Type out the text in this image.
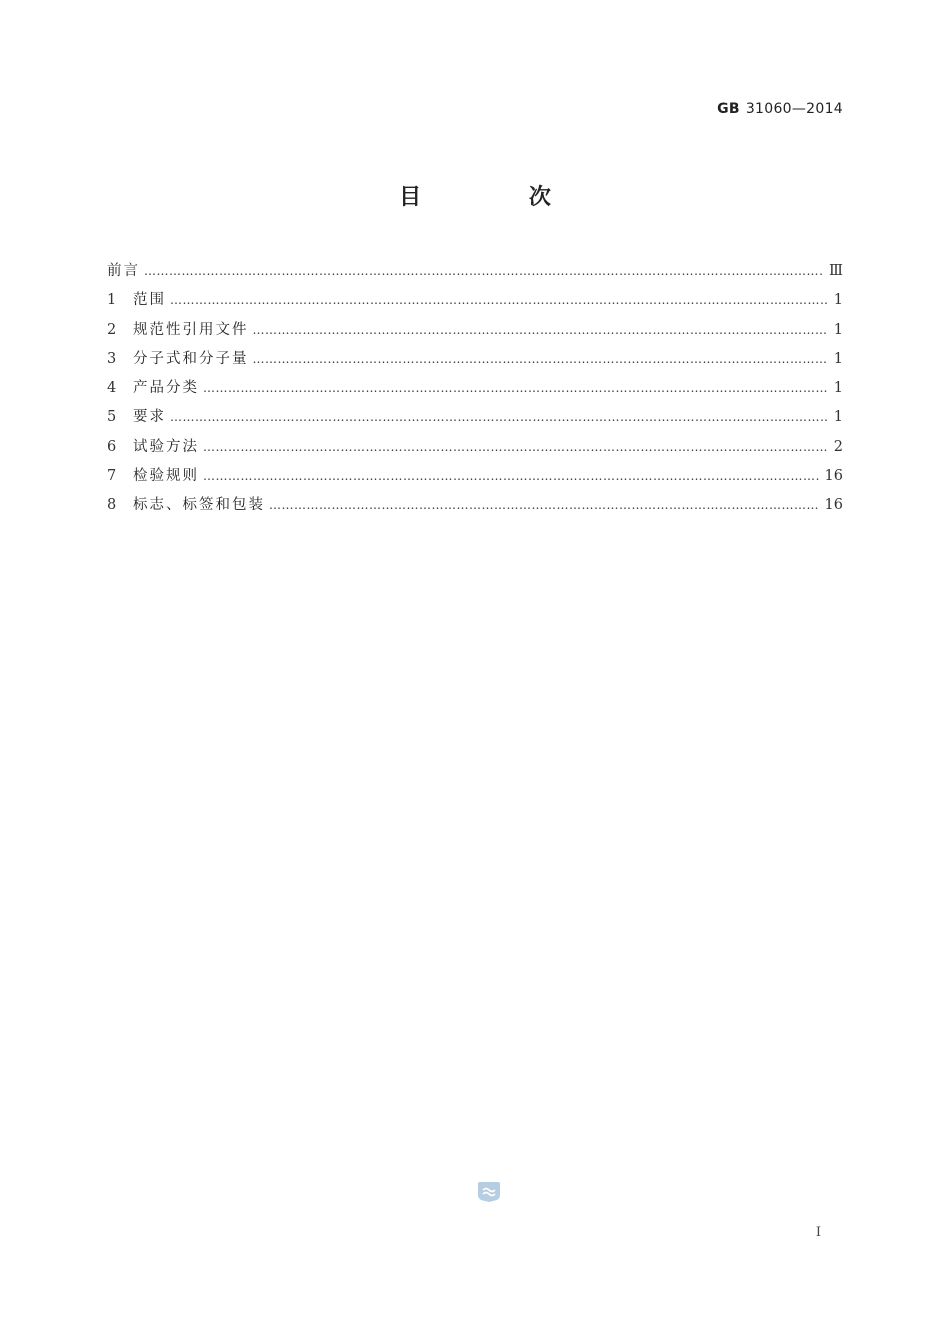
GB 31060—2014
目 次
前言 ……………………………………………………………………………………………………………………………………………………………………………………………………………………	Ⅲ
1	范围 ……………………………………………………………………………………………………………………………………………………………………………………………………………………	1
2	规范性引用文件 ……………………………………………………………………………………………………………………………………………………………………………………………………………………	1
3	分子式和分子量 ……………………………………………………………………………………………………………………………………………………………………………………………………………………	1
4	产品分类 ……………………………………………………………………………………………………………………………………………………………………………………………………………………	1
5	要求 ……………………………………………………………………………………………………………………………………………………………………………………………………………………	1
6	试验方法 ……………………………………………………………………………………………………………………………………………………………………………………………………………………	2
7	检验规则 ……………………………………………………………………………………………………………………………………………………………………………………………………………………	16
8	标志、标签和包装 ……………………………………………………………………………………………………………………………………………………………………………………………………………………	16
I
